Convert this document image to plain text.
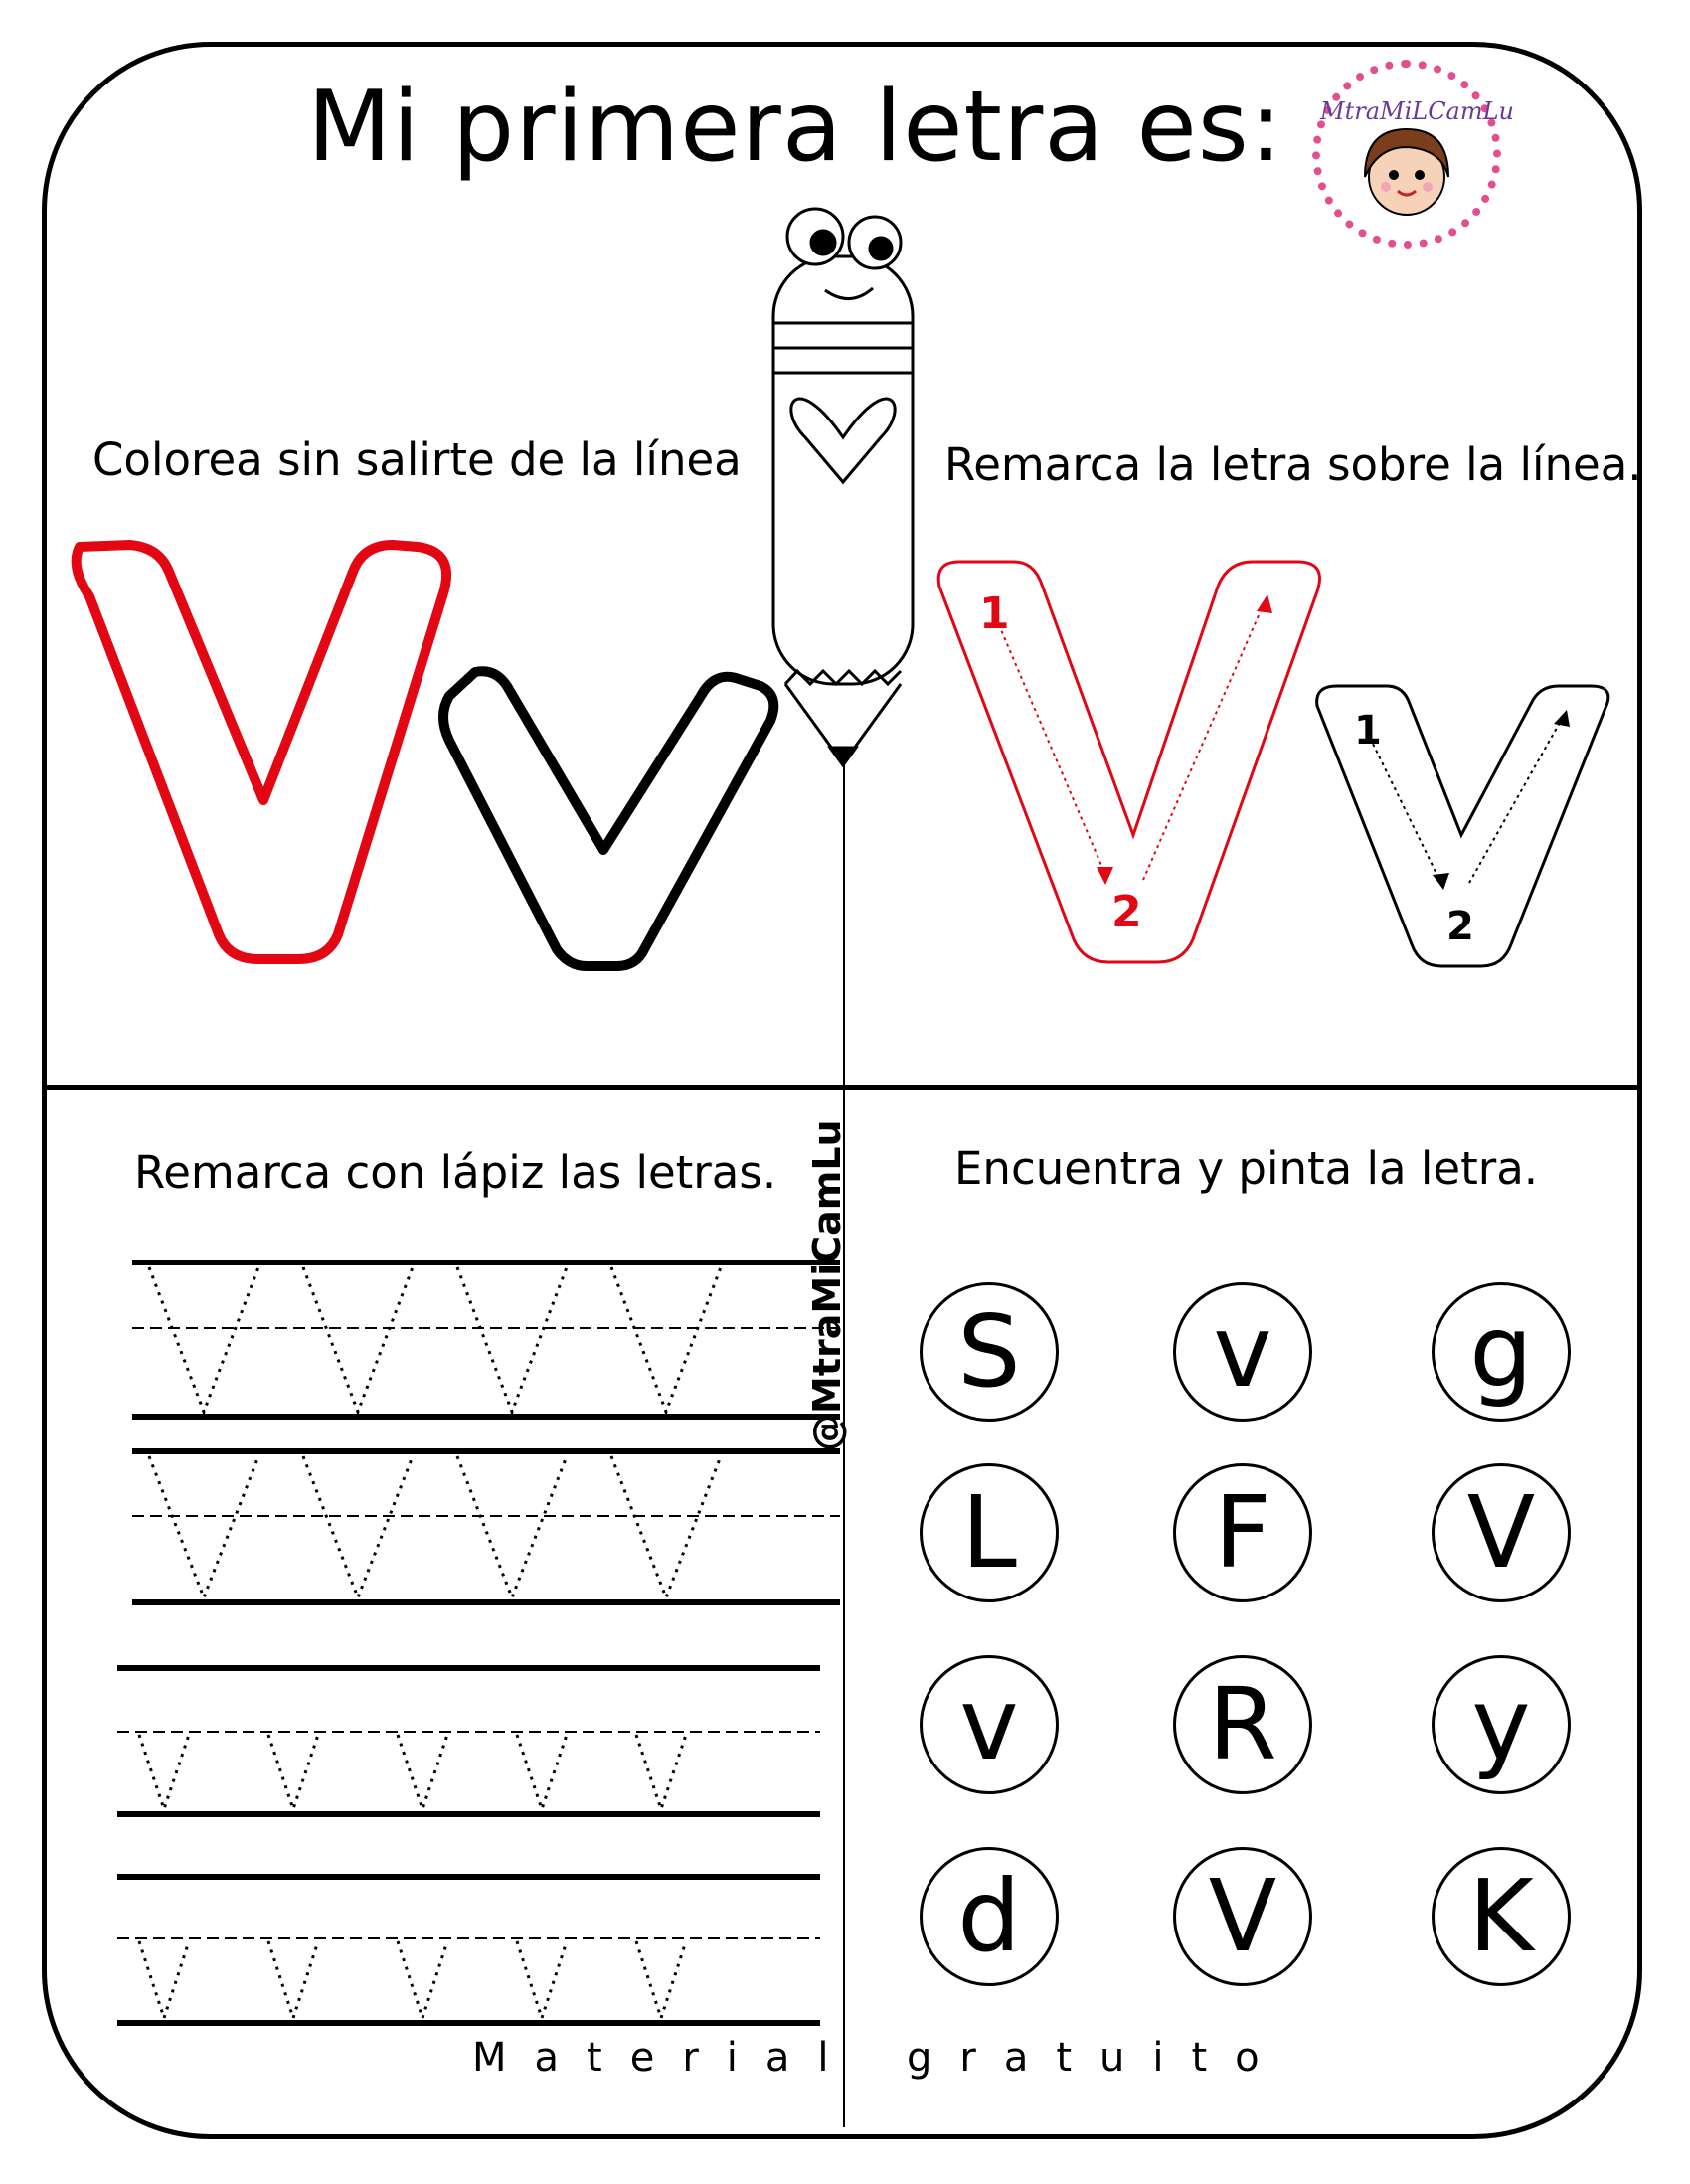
Mi primera letra es:	MtraMiLCamLu
Colorea sin salirte de la línea	Remarca la letra sobre la línea.
Remarca con lápiz las letras.	Encuentra y pinta la letra.
1
2
1
2
@MtraMiCamLu	S	v	g
L	F	V
v	R	y
d	V	K
Material gratuito
